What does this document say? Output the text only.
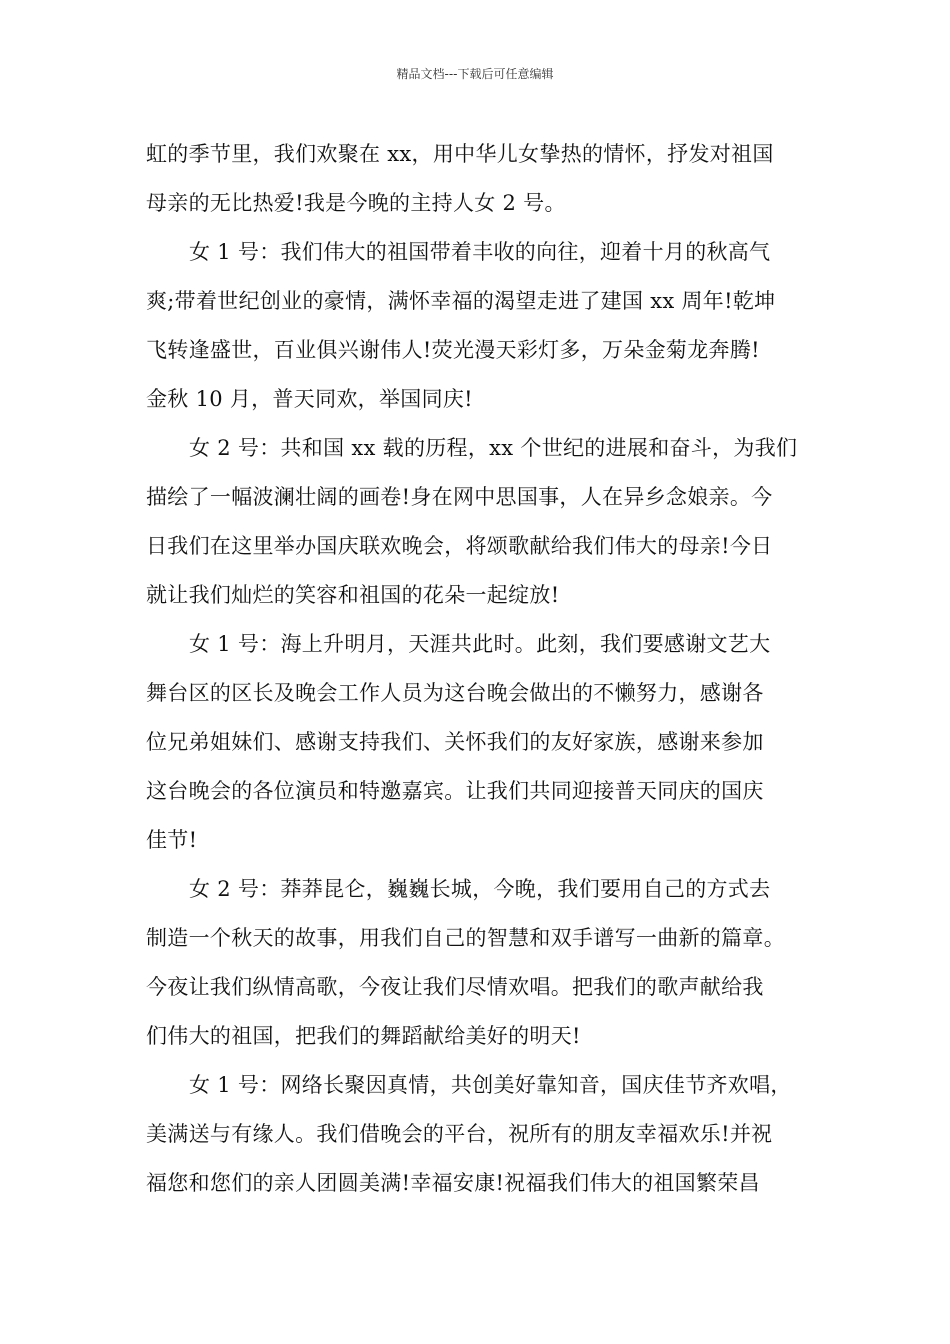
精品文档---下载后可任意编辑
虹的季节里，我们欢聚在 xx，用中华儿女挚热的情怀，抒发对祖国
母亲的无比热爱!我是今晚的主持人女 2 号。
女 1 号：我们伟大的祖国带着丰收的向往，迎着十月的秋高气
爽;带着世纪创业的豪情，满怀幸福的渴望走进了建国 xx 周年!乾坤
飞转逢盛世，百业俱兴谢伟人!荧光漫天彩灯多，万朵金菊龙奔腾!
金秋 10 月，普天同欢，举国同庆!
女 2 号：共和国 xx 载的历程，xx 个世纪的进展和奋斗，为我们
描绘了一幅波澜壮阔的画卷!身在网中思国事，人在异乡念娘亲。今
日我们在这里举办国庆联欢晚会，将颂歌献给我们伟大的母亲!今日
就让我们灿烂的笑容和祖国的花朵一起绽放!
女 1 号：海上升明月，天涯共此时。此刻，我们要感谢文艺大
舞台区的区长及晚会工作人员为这台晚会做出的不懒努力，感谢各
位兄弟姐妹们、感谢支持我们、关怀我们的友好家族，感谢来参加
这台晚会的各位演员和特邀嘉宾。让我们共同迎接普天同庆的国庆
佳节!
女 2 号：莽莽昆仑，巍巍长城，今晚，我们要用自己的方式去
制造一个秋天的故事，用我们自己的智慧和双手谱写一曲新的篇章。
今夜让我们纵情高歌，今夜让我们尽情欢唱。把我们的歌声献给我
们伟大的祖国，把我们的舞蹈献给美好的明天!
女 1 号：网络长聚因真情，共创美好靠知音，国庆佳节齐欢唱，
美满送与有缘人。我们借晚会的平台，祝所有的朋友幸福欢乐!并祝
福您和您们的亲人团圆美满!幸福安康!祝福我们伟大的祖国繁荣昌
